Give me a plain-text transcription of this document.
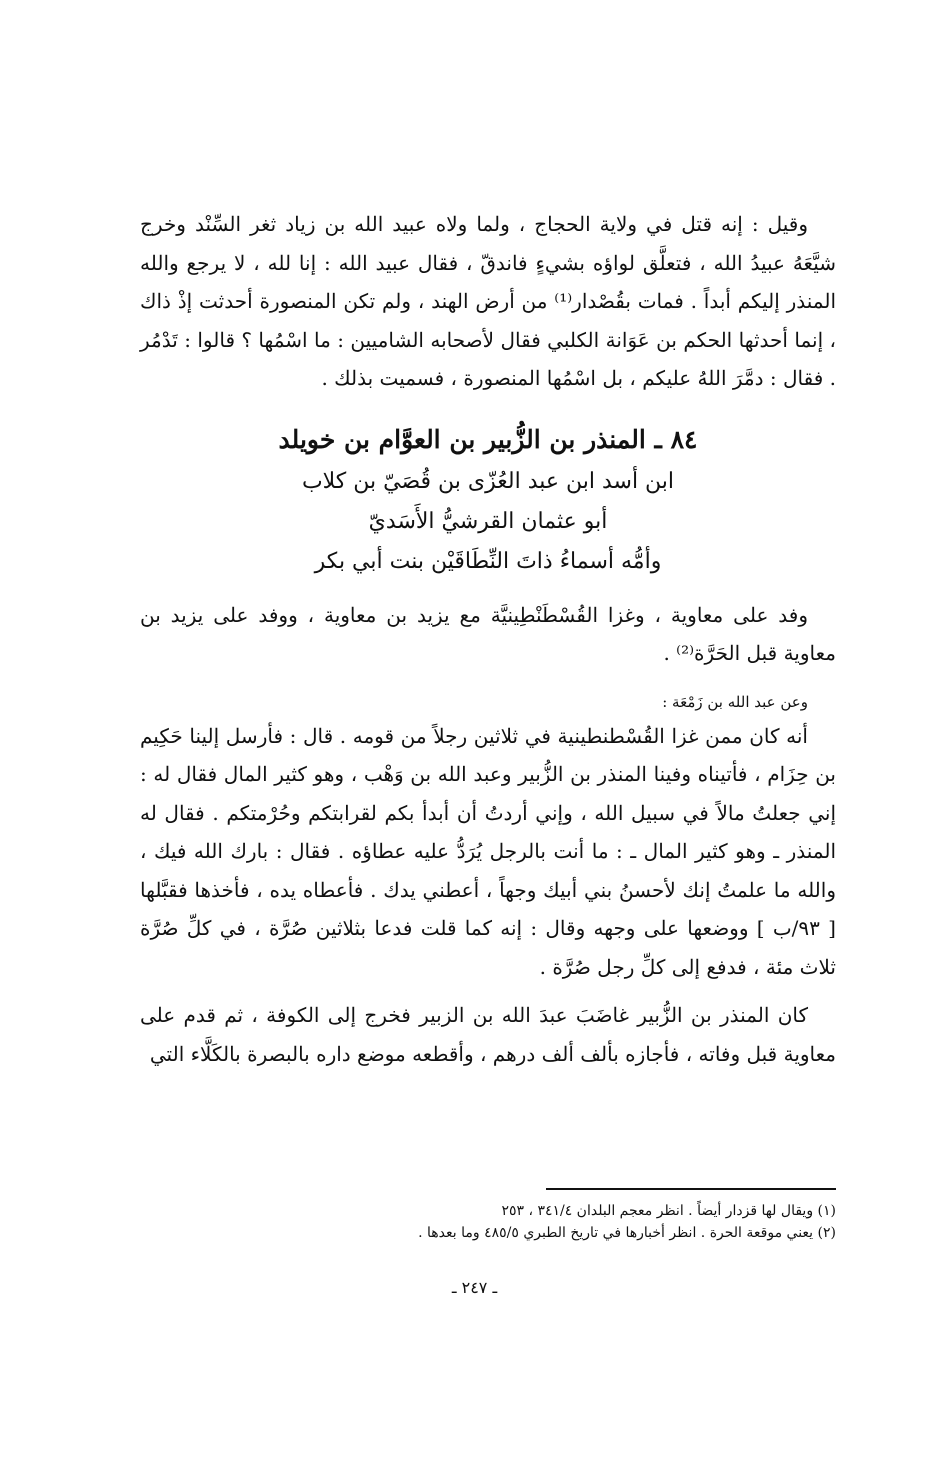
وقيل : إنه قتل في ولاية الحجاج ، ولما ولاه عبيد الله بن زياد ثغر السِّنْد وخرج شيَّعَهُ عبيدُ الله ، فتعلَّق لواؤه بشيءٍ فاندقّ ، فقال عبيد الله : إنا لله ، لا يرجع والله المنذر إليكم أبداً . فمات بقُصْدار⁽¹⁾ من أرض الهند ، ولم تكن المنصورة أحدثت إذْ ذاك ، إنما أحدثها الحكم بن عَوَانة الكلبي فقال لأصحابه الشاميين : ما اسْمُها ؟ قالوا : تَدْمُر . فقال : دمَّرَ اللهُ عليكم ، بل اسْمُها المنصورة ، فسميت بذلك .

٨٤ ـ المنذر بن الزُّبير بن العوَّام بن خويلد
ابن أسد ابن عبد العُزّى بن قُصَيّ بن كلاب
أبو عثمان القرشيُّ الأَسَديّ
وأمُّه أسماءُ ذاتَ النِّطَاقَيْن بنت أبي بكر

وفد على معاوية ، وغزا القُسْطَنْطِينيَّة مع يزيد بن معاوية ، ووفد على يزيد بن معاوية قبل الحَرَّة⁽²⁾ .

وعن عبد الله بن زَمْعَة :

أنه كان ممن غزا القُسْطنطينية في ثلاثين رجلاً من قومه . قال : فأرسل إلينا حَكِيم بن حِزَام ، فأتيناه وفينا المنذر بن الزُّبير وعبد الله بن وَهْب ، وهو كثير المال فقال له : إني جعلتُ مالاً في سبيل الله ، وإني أردتُ أن أبدأ بكم لقرابتكم وحُرْمتكم . فقال له المنذر ـ وهو كثير المال ـ : ما أنت بالرجل يُرَدُّ عليه عطاؤه . فقال : بارك الله فيك ، والله ما علمتُ إنك لأحسنُ بني أبيك وجهاً ، أعطني يدك . فأعطاه يده ، فأخذها فقبَّلها [ ٩٣/ب ] ووضعها على وجهه وقال : إنه كما قلت فدعا بثلاثين صُرَّة ، في كلِّ صُرَّة ثلاث مئة ، فدفع إلى كلِّ رجل صُرَّة .

كان المنذر بن الزُّبير غاضَبَ عبدَ الله بن الزبير فخرج إلى الكوفة ، ثم قدم على معاوية قبل وفاته ، فأجازه بألف ألف درهم ، وأقطعه موضع داره بالبصرة بالكَلَّاء التي

(١) ويقال لها قزدار أيضاً . انظر معجم البلدان ٣٤١/٤ ، ٢٥٣

(٢) يعني موقعة الحرة . انظر أخبارها في تاريخ الطبري ٤٨٥/٥ وما بعدها .

ـ ٢٤٧ ـ
